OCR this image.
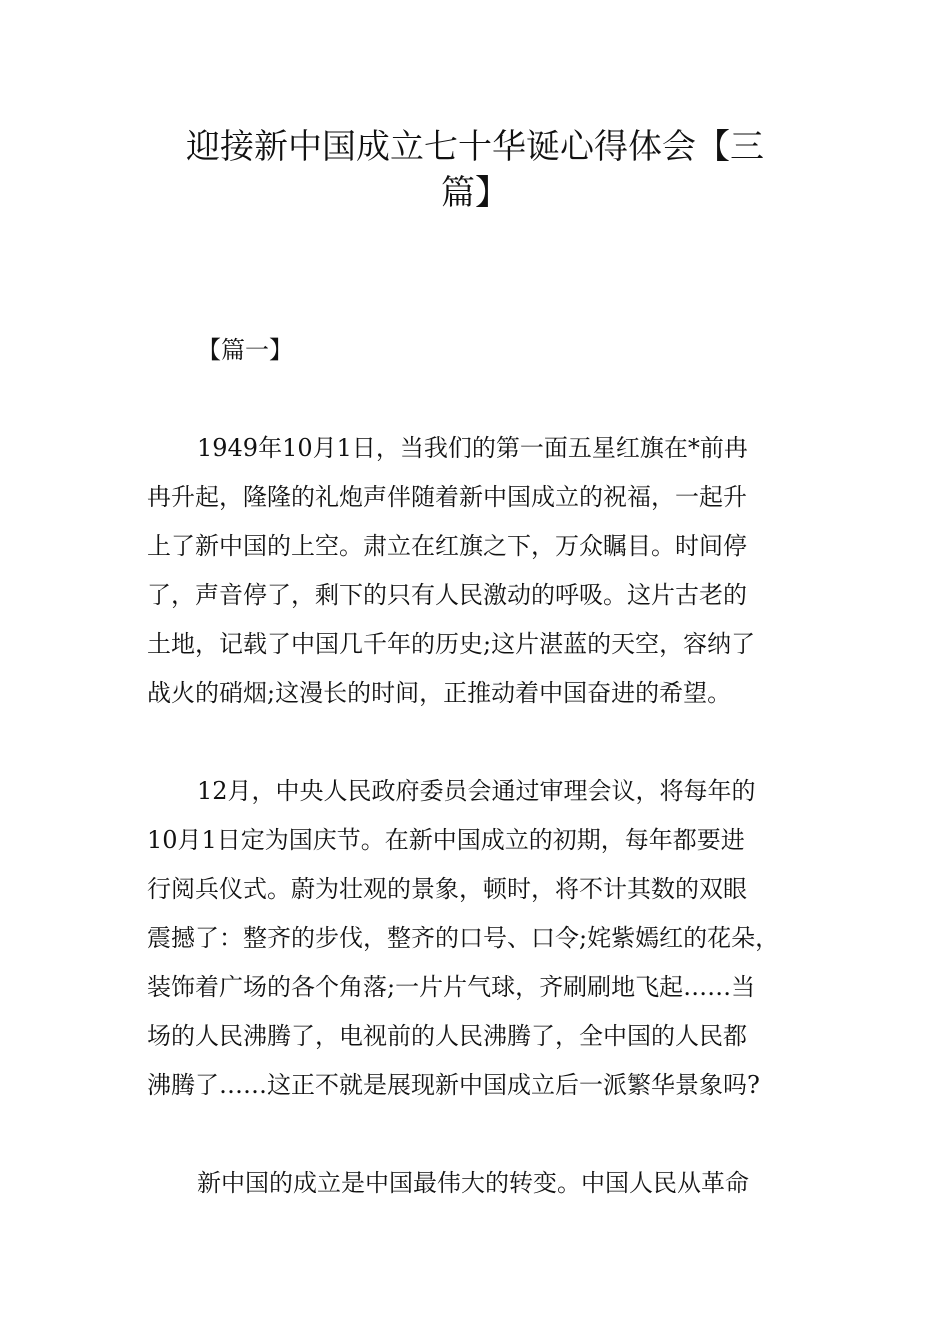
迎接新中国成立七十华诞心得体会【三
篇】

【篇一】

1949年10月1日，当我们的第一面五星红旗在*前冉

冉升起，隆隆的礼炮声伴随着新中国成立的祝福，一起升

上了新中国的上空。肃立在红旗之下，万众瞩目。时间停

了，声音停了，剩下的只有人民激动的呼吸。这片古老的

土地，记载了中国几千年的历史;这片湛蓝的天空，容纳了

战火的硝烟;这漫长的时间，正推动着中国奋进的希望。

12月，中央人民政府委员会通过审理会议，将每年的

10月1日定为国庆节。在新中国成立的初期，每年都要进

行阅兵仪式。蔚为壮观的景象，顿时，将不计其数的双眼

震撼了：整齐的步伐，整齐的口号、口令;姹紫嫣红的花朵，

装饰着广场的各个角落;一片片气球，齐刷刷地飞起……当

场的人民沸腾了，电视前的人民沸腾了，全中国的人民都

沸腾了……这正不就是展现新中国成立后一派繁华景象吗?

新中国的成立是中国最伟大的转变。中国人民从革命
